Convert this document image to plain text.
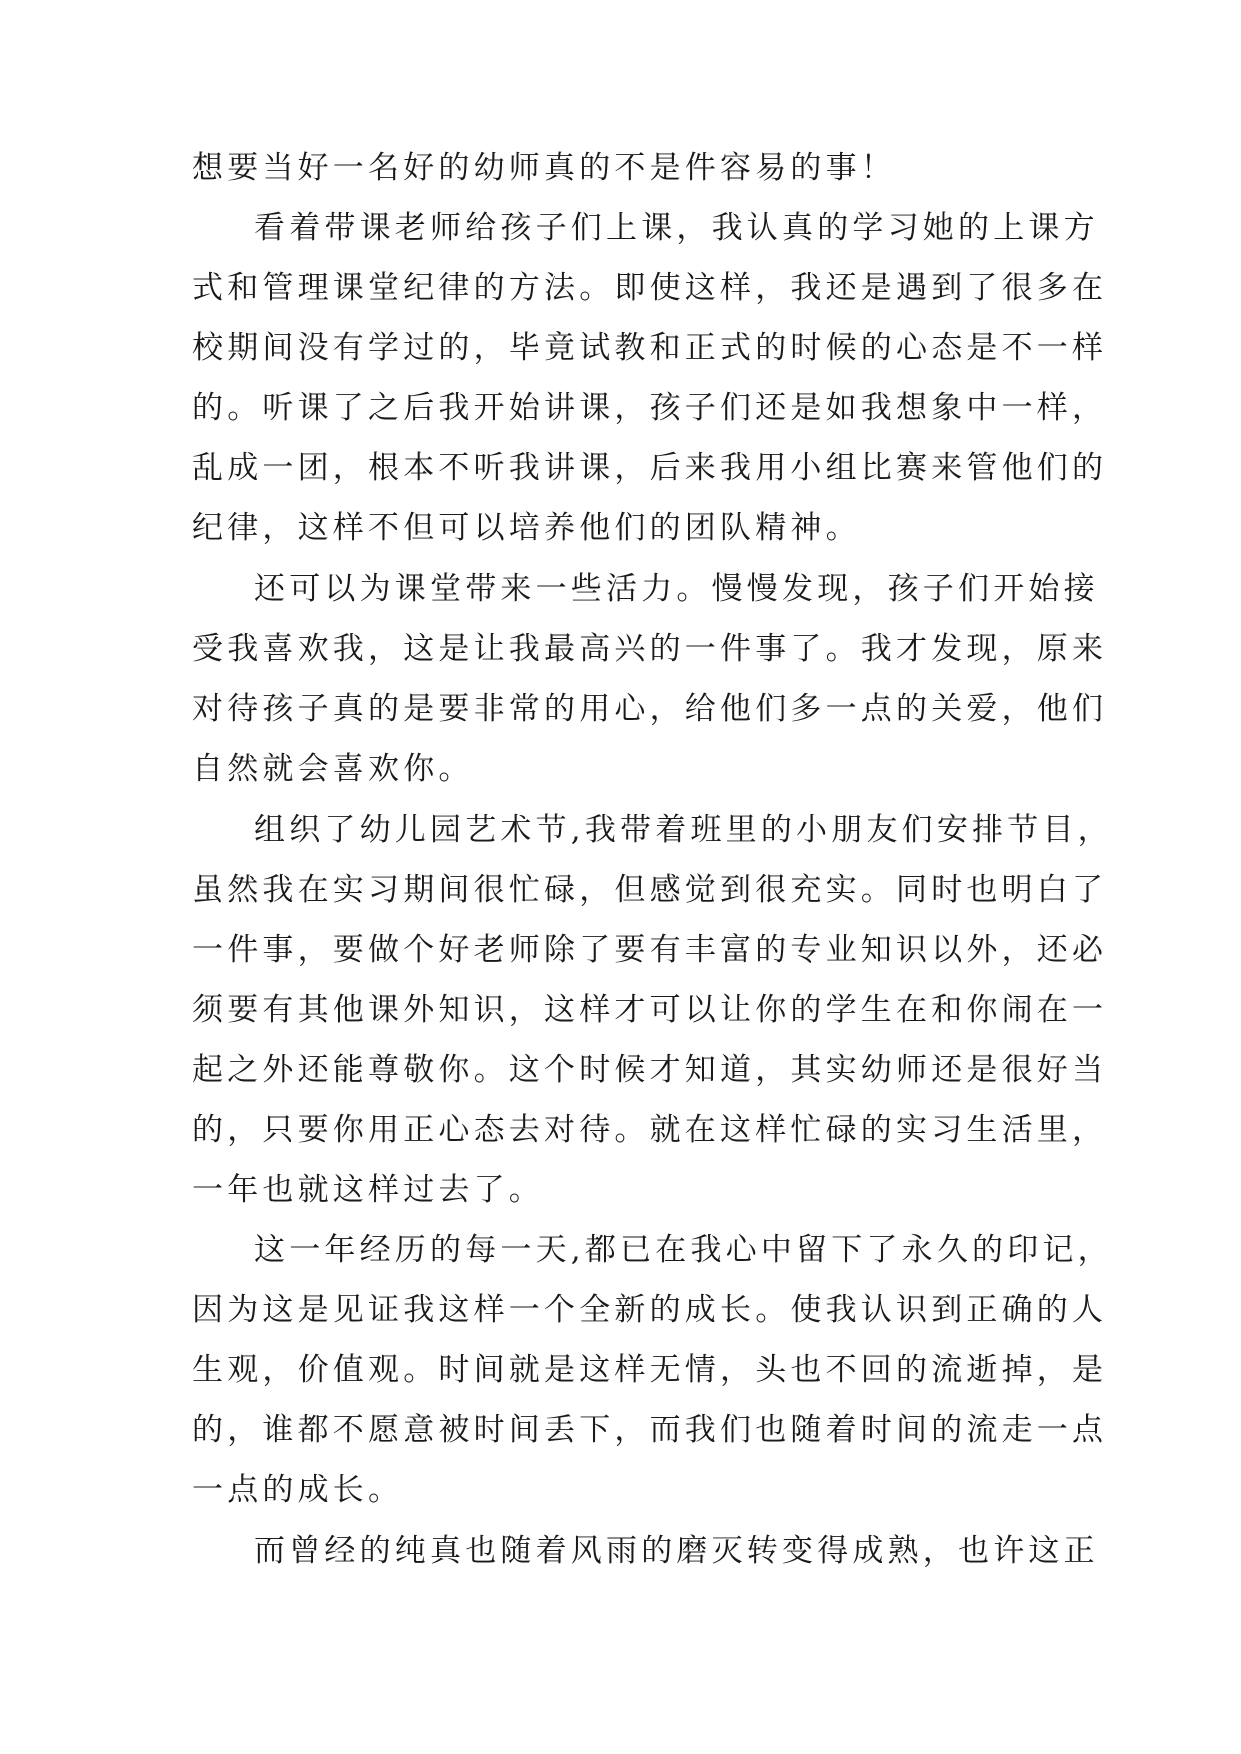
想要当好一名好的幼师真的不是件容易的事！
看着带课老师给孩子们上课，我认真的学习她的上课方
式和管理课堂纪律的方法。即使这样，我还是遇到了很多在
校期间没有学过的，毕竟试教和正式的时候的心态是不一样
的。听课了之后我开始讲课，孩子们还是如我想象中一样，
乱成一团，根本不听我讲课，后来我用小组比赛来管他们的
纪律，这样不但可以培养他们的团队精神。
还可以为课堂带来一些活力。慢慢发现，孩子们开始接
受我喜欢我，这是让我最高兴的一件事了。我才发现，原来
对待孩子真的是要非常的用心，给他们多一点的关爱，他们
自然就会喜欢你。
组织了幼儿园艺术节,我带着班里的小朋友们安排节目，
虽然我在实习期间很忙碌，但感觉到很充实。同时也明白了
一件事，要做个好老师除了要有丰富的专业知识以外，还必
须要有其他课外知识，这样才可以让你的学生在和你闹在一
起之外还能尊敬你。这个时候才知道，其实幼师还是很好当
的，只要你用正心态去对待。就在这样忙碌的实习生活里，
一年也就这样过去了。
这一年经历的每一天,都已在我心中留下了永久的印记，
因为这是见证我这样一个全新的成长。使我认识到正确的人
生观，价值观。时间就是这样无情，头也不回的流逝掉，是
的，谁都不愿意被时间丢下，而我们也随着时间的流走一点
一点的成长。
而曾经的纯真也随着风雨的磨灭转变得成熟，也许这正
